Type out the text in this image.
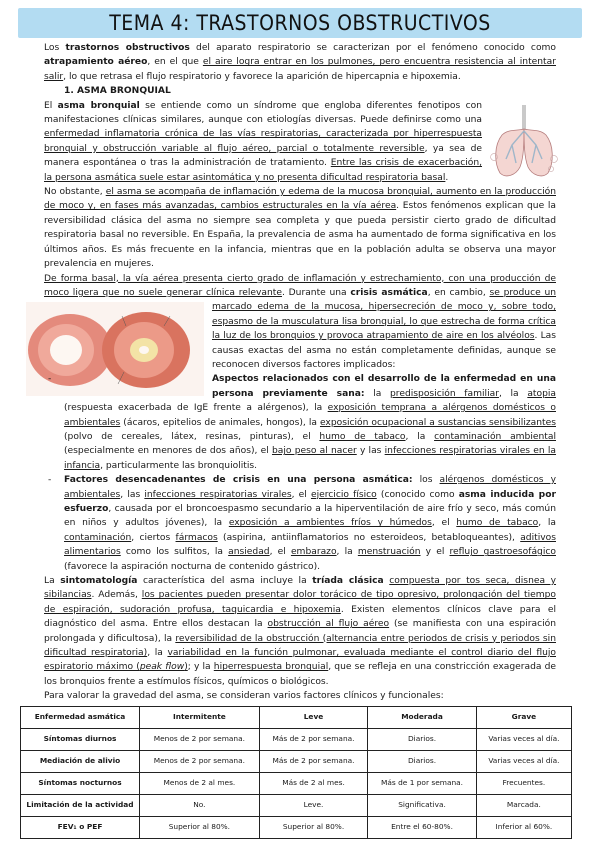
TEMA 4: TRASTORNOS OBSTRUCTIVOS

Los trastornos obstructivos del aparato respiratorio se caracterizan por el fenómeno conocido como atrapamiento aéreo, en el que el aire logra entrar en los pulmones, pero encuentra resistencia al intentar salir, lo que retrasa el flujo respiratorio y favorece la aparición de hipercapnia e hipoxemia.

1. ASMA BRONQUIAL

El asma bronquial se entiende como un síndrome que engloba diferentes fenotipos con manifestaciones clínicas similares, aunque con etiologías diversas. Puede definirse como una enfermedad inflamatoria crónica de las vías respiratorias, caracterizada por hiperrespuesta bronquial y obstrucción variable al flujo aéreo, parcial o totalmente reversible, ya sea de manera espontánea o tras la administración de tratamiento. Entre las crisis de exacerbación, la persona asmática suele estar asintomática y no presenta dificultad respiratoria basal.

No obstante, el asma se acompaña de inflamación y edema de la mucosa bronquial, aumento en la producción de moco y, en fases más avanzadas, cambios estructurales en la vía aérea. Estos fenómenos explican que la reversibilidad clásica del asma no siempre sea completa y que pueda persistir cierto grado de dificultad respiratoria basal no reversible. En España, la prevalencia de asma ha aumentado de forma significativa en los últimos años. Es más frecuente en la infancia, mientras que en la población adulta se observa una mayor prevalencia en mujeres.

De forma basal, la vía aérea presenta cierto grado de inflamación y estrechamiento, con una producción de moco ligera que no suele generar clínica relevante. Durante una crisis asmática, en cambio,
se produce un marcado edema de la mucosa, hipersecreción de moco y, sobre todo, espasmo de la musculatura lisa bronquial, lo que estrecha de forma crítica la luz de los bronquios y provoca atrapamiento de aire en los alvéolos. Las causas exactas del asma no están completamente definidas, aunque se reconocen diversos factores implicados:

- Aspectos relacionados con el desarrollo de la enfermedad en una persona previamente sana: la predisposición familiar, la atopia (respuesta exacerbada de IgE frente a alérgenos), la exposición temprana a alérgenos domésticos o ambientales (ácaros, epitelios de animales, hongos), la exposición ocupacional a sustancias sensibilizantes (polvo de cereales, látex, resinas, pinturas), el humo de tabaco, la contaminación ambiental (especialmente en menores de dos años), el bajo peso al nacer y las infecciones respiratorias virales en la infancia, particularmente las bronquiolitis.
- Factores desencadenantes de crisis en una persona asmática: los alérgenos domésticos y ambientales, las infecciones respiratorias virales, el ejercicio físico (conocido como asma inducida por esfuerzo, causada por el broncoespasmo secundario a la hiperventilación de aire frío y seco, más común en niños y adultos jóvenes), la exposición a ambientes fríos y húmedos, el humo de tabaco, la contaminación, ciertos fármacos (aspirina, antiinflamatorios no esteroideos, betabloqueantes), aditivos alimentarios como los sulfitos, la ansiedad, el embarazo, la menstruación y el reflujo gastroesofágico (favorece la aspiración nocturna de contenido gástrico).

La sintomatología característica del asma incluye la tríada clásica compuesta por tos seca, disnea y sibilancias. Además, los pacientes pueden presentar dolor torácico de tipo opresivo, prolongación del tiempo de espiración, sudoración profusa, taquicardia e hipoxemia. Existen elementos clínicos clave para el diagnóstico del asma. Entre ellos destacan la obstrucción al flujo aéreo (se manifiesta con una espiración prolongada y dificultosa), la reversibilidad de la obstrucción (alternancia entre periodos de crisis y periodos sin dificultad respiratoria), la variabilidad en la función pulmonar, evaluada mediante el control diario del flujo espiratorio máximo (peak flow); y la hiperrespuesta bronquial, que se refleja en una constricción exagerada de los bronquios frente a estímulos físicos, químicos o biológicos.

Para valorar la gravedad del asma, se consideran varios factores clínicos y funcionales:

Enfermedad asmática	Intermitente	Leve	Moderada	Grave
Síntomas diurnos	Menos de 2 por semana.	Más de 2 por semana.	Diarios.	Varias veces al día.
Mediación de alivio	Menos de 2 por semana.	Más de 2 por semana.	Diarios.	Varias veces al día.
Síntomas nocturnos	Menos de 2 al mes.	Más de 2 al mes.	Más de 1 por semana.	Frecuentes.
Limitación de la actividad	No.	Leve.	Significativa.	Marcada.
FEV₁ o PEF	Superior al 80%.	Superior al 80%.	Entre el 60-80%.	Inferior al 60%.
